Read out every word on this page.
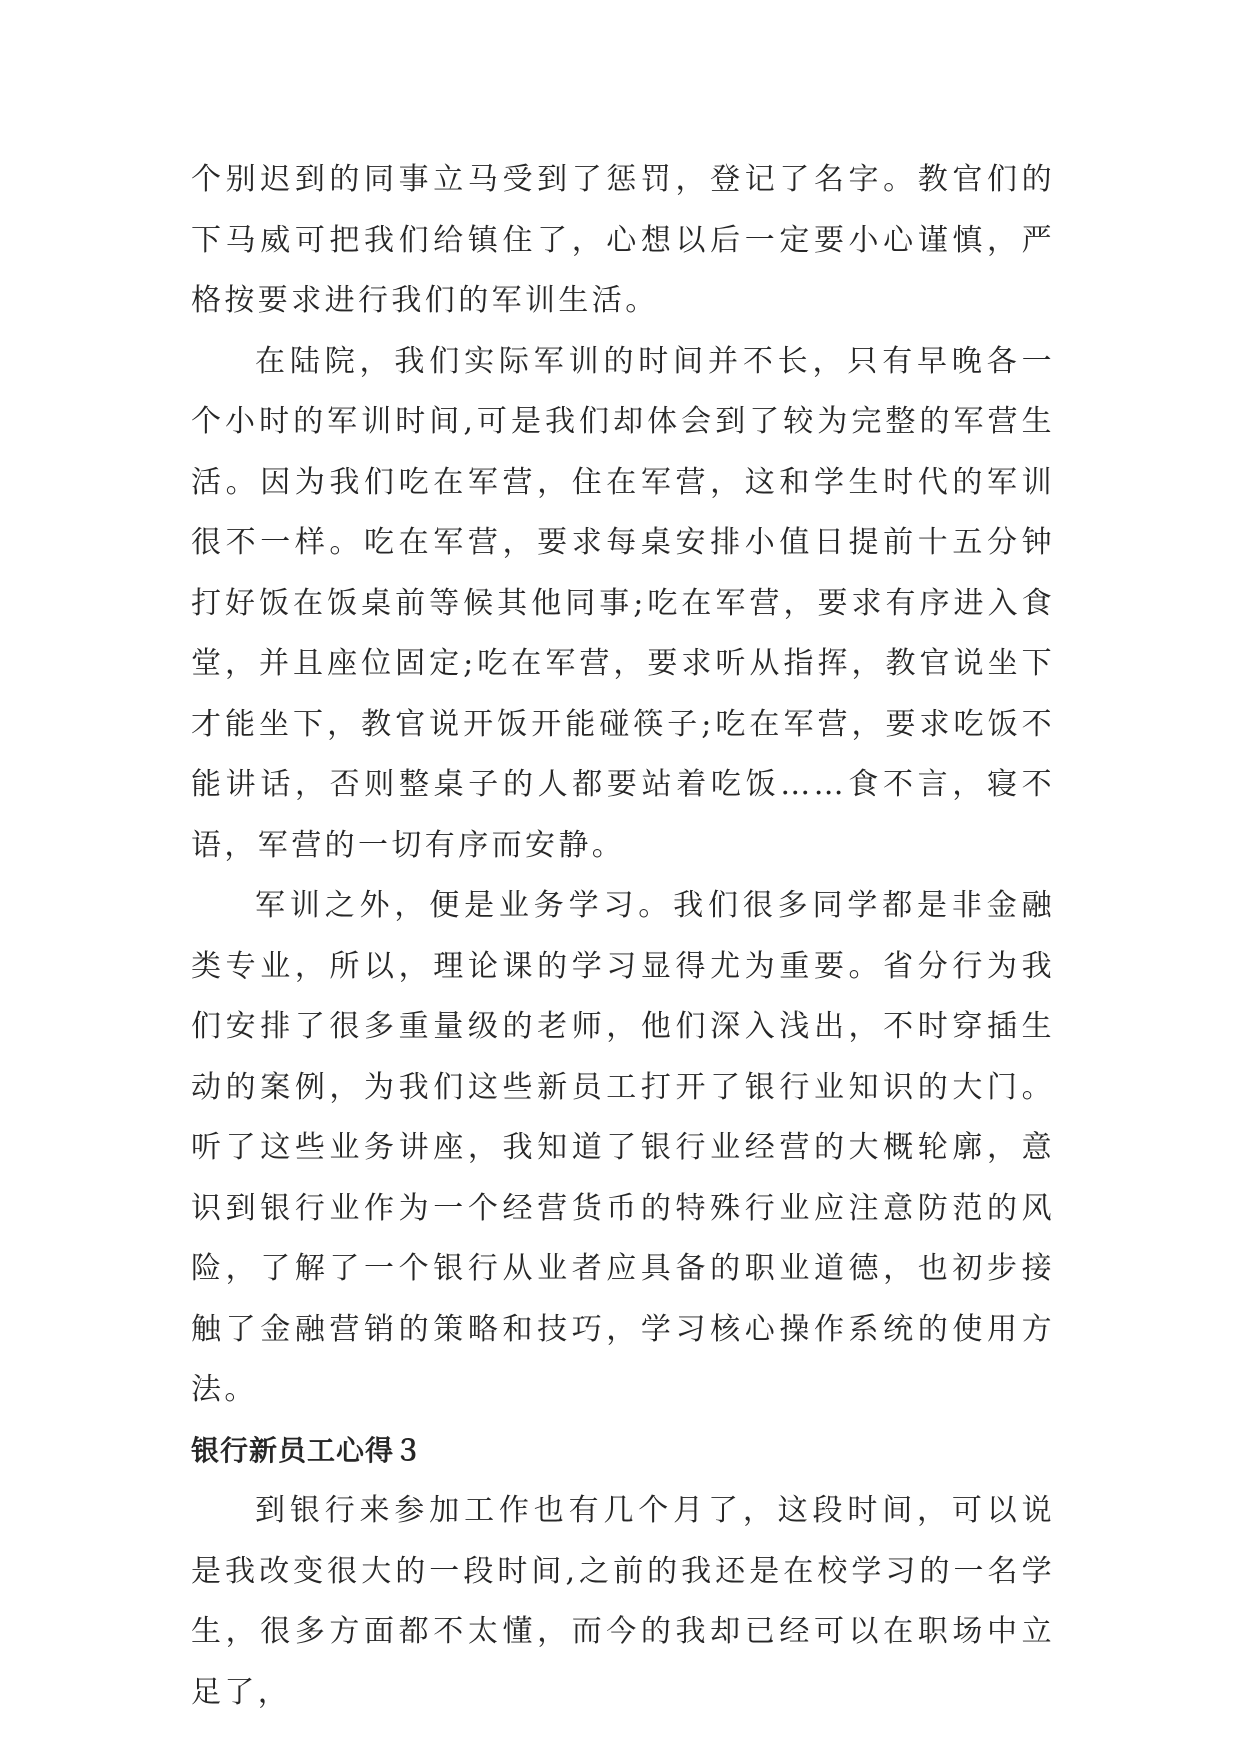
个别迟到的同事立马受到了惩罚，登记了名字。教官们的下马威可把我们给镇住了，心想以后一定要小心谨慎，严格按要求进行我们的军训生活。

在陆院，我们实际军训的时间并不长，只有早晚各一个小时的军训时间,可是我们却体会到了较为完整的军营生活。因为我们吃在军营，住在军营，这和学生时代的军训很不一样。吃在军营，要求每桌安排小值日提前十五分钟打好饭在饭桌前等候其他同事;吃在军营，要求有序进入食堂，并且座位固定;吃在军营，要求听从指挥，教官说坐下才能坐下，教官说开饭开能碰筷子;吃在军营，要求吃饭不能讲话，否则整桌子的人都要站着吃饭……食不言，寝不语，军营的一切有序而安静。

军训之外，便是业务学习。我们很多同学都是非金融类专业，所以，理论课的学习显得尤为重要。省分行为我们安排了很多重量级的老师，他们深入浅出，不时穿插生动的案例，为我们这些新员工打开了银行业知识的大门。听了这些业务讲座，我知道了银行业经营的大概轮廓，意识到银行业作为一个经营货币的特殊行业应注意防范的风险，了解了一个银行从业者应具备的职业道德，也初步接触了金融营销的策略和技巧，学习核心操作系统的使用方法。

银行新员工心得３

到银行来参加工作也有几个月了，这段时间，可以说是我改变很大的一段时间,之前的我还是在校学习的一名学生，很多方面都不太懂，而今的我却已经可以在职场中立足了，
